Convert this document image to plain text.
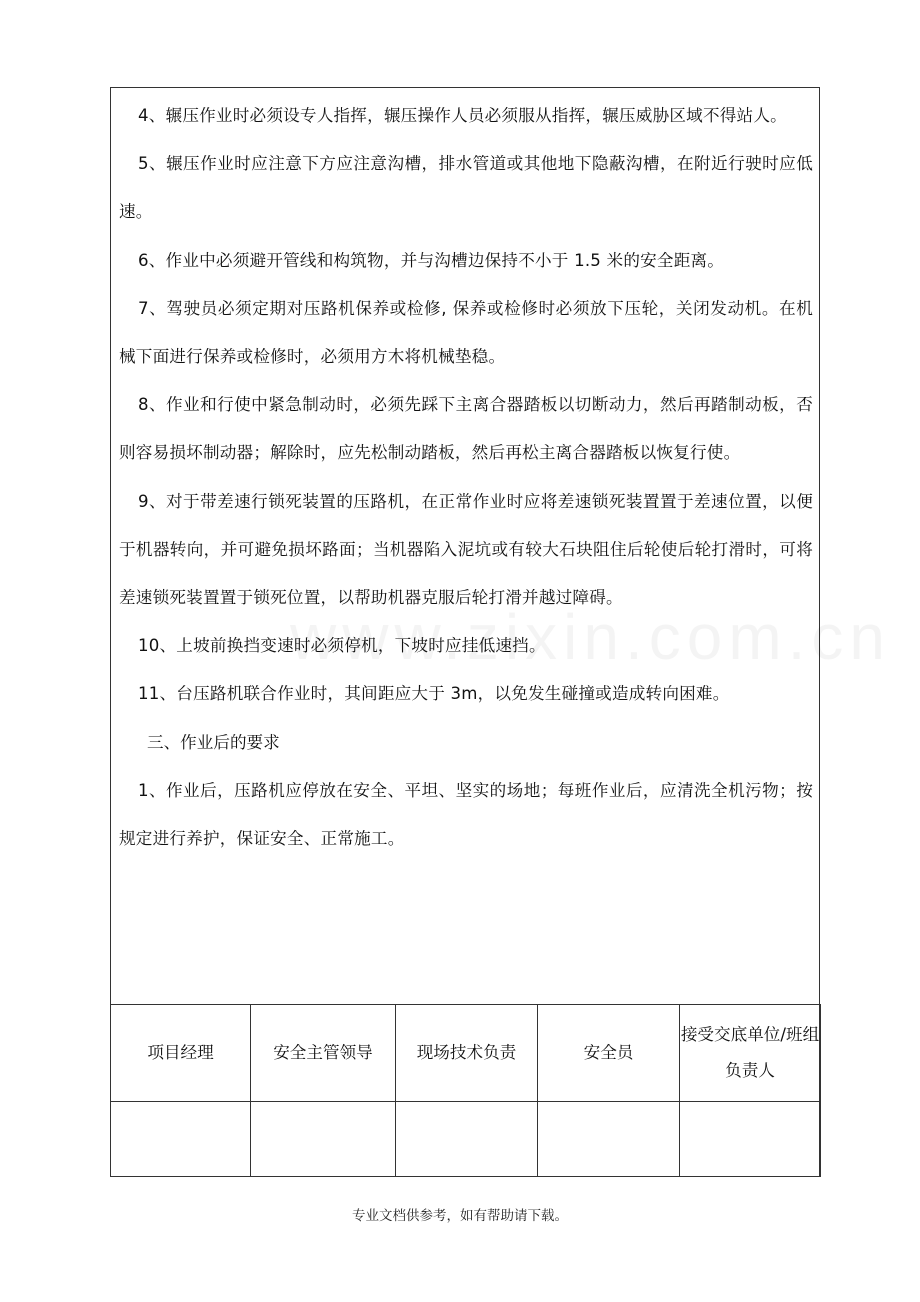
4、辗压作业时必须设专人指挥，辗压操作人员必须服从指挥，辗压威胁区域不得站人。

5、辗压作业时应注意下方应注意沟槽，排水管道或其他地下隐蔽沟槽，在附近行驶时应低速。

6、作业中必须避开管线和构筑物，并与沟槽边保持不小于 1.5 米的安全距离。

7、驾驶员必须定期对压路机保养或检修, 保养或检修时必须放下压轮，关闭发动机。在机械下面进行保养或检修时，必须用方木将机械垫稳。

8、作业和行使中紧急制动时，必须先踩下主离合器踏板以切断动力，然后再踏制动板，否则容易损坏制动器；解除时，应先松制动踏板，然后再松主离合器踏板以恢复行使。

9、对于带差速行锁死装置的压路机，在正常作业时应将差速锁死装置置于差速位置，以便于机器转向，并可避免损坏路面；当机器陷入泥坑或有较大石块阻住后轮使后轮打滑时，可将差速锁死装置置于锁死位置，以帮助机器克服后轮打滑并越过障碍。

10、上坡前换挡变速时必须停机，下坡时应挂低速挡。

11、台压路机联合作业时，其间距应大于 3m，以免发生碰撞或造成转向困难。

三、作业后的要求

1、作业后，压路机应停放在安全、平坦、坚实的场地；每班作业后，应清洗全机污物；按规定进行养护，保证安全、正常施工。

项目经理	安全主管领导	现场技术负责	安全员	接受交底单位/班组负责人

专业文档供参考，如有帮助请下载。
